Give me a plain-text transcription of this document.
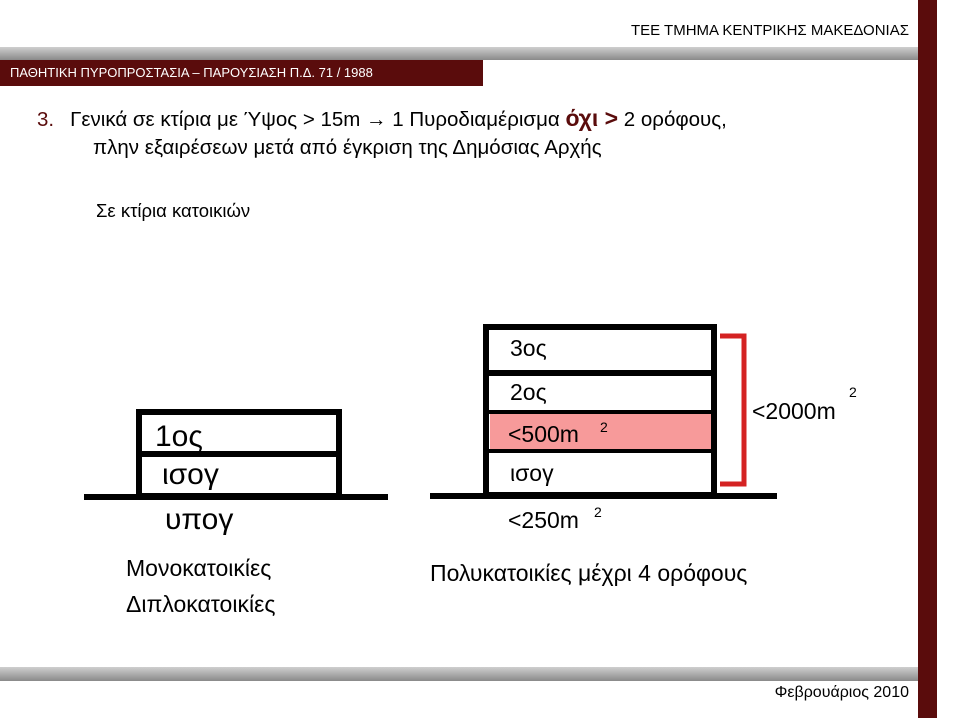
ΤΕΕ ΤΜΗΜΑ ΚΕΝΤΡΙΚΗΣ ΜΑΚΕΔΟΝΙΑΣ
ΠΑΘΗΤΙΚΗ ΠΥΡΟΠΡΟΣΤΑΣΙΑ – ΠΑΡΟΥΣΙΑΣΗ Π.Δ. 71 / 1988
3. Γενικά σε κτίρια με Ύψος > 15m → 1 Πυροδιαμέρισμα όχι > 2 ορόφους,
πλην εξαιρέσεων μετά από έγκριση της Δημόσιας Αρχής
Σε κτίρια κατοικιών
1ος
ισογ
υπογ
3ος
2ος
<500m 2
ισογ
<250m 2
<2000m
2
Μονοκατοικίες
Διπλοκατοικίες
Πολυκατοικίες μέχρι 4 ορόφους
Φεβρουάριος 2010
